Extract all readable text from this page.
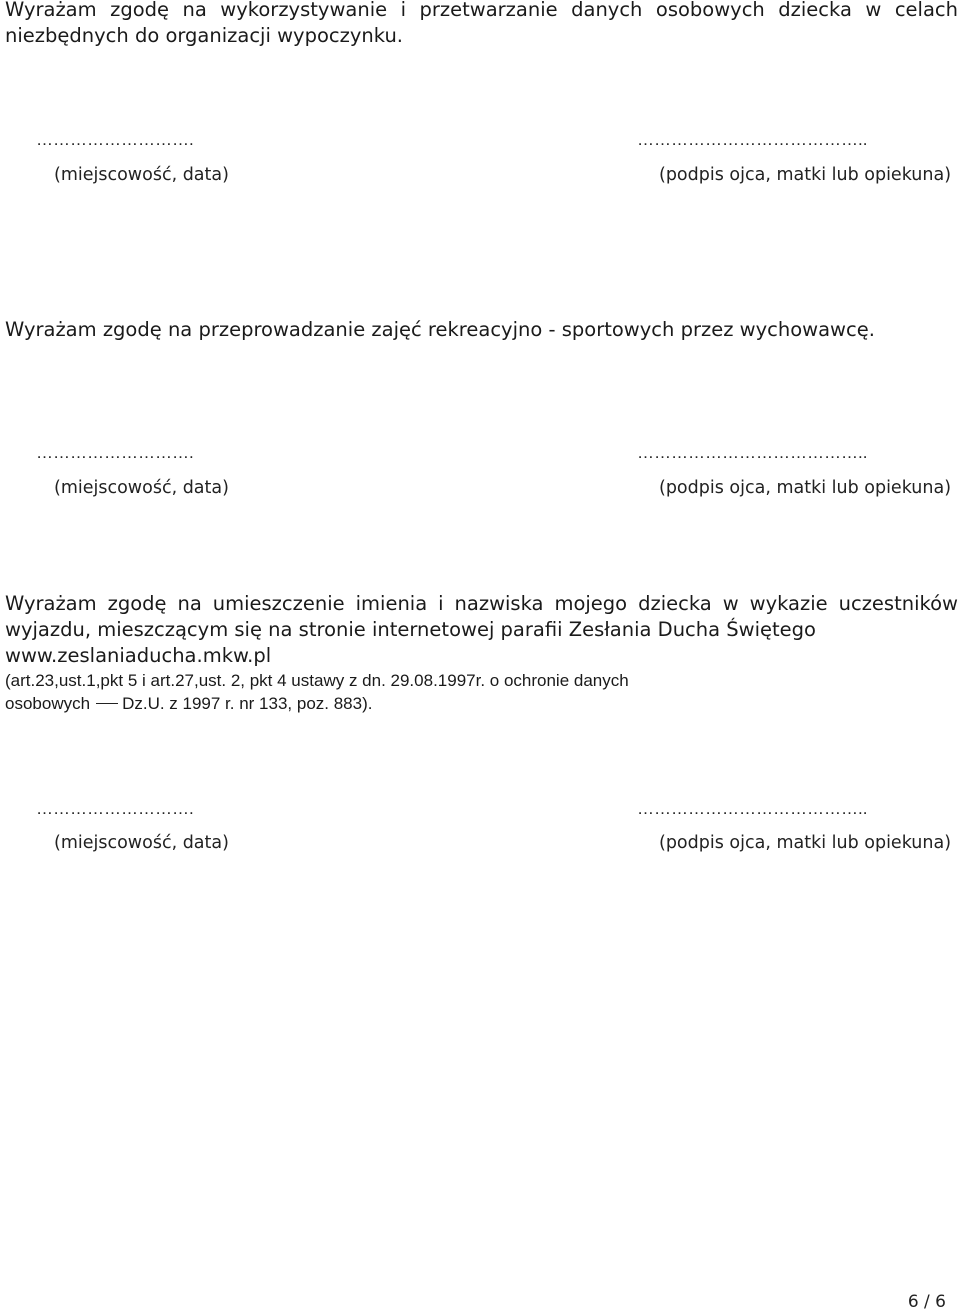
Wyrażam zgodę na wykorzystywanie i przetwarzanie danych osobowych dziecka w celach
niezbędnych do organizacji wypoczynku.
……………………….	…………………………………..
(miejscowość, data)	(podpis ojca, matki lub opiekuna)
Wyrażam zgodę na przeprowadzanie zajęć rekreacyjno - sportowych przez wychowawcę.
……………………….	…………………………………..
(miejscowość, data)	(podpis ojca, matki lub opiekuna)
Wyrażam zgodę na umieszczenie imienia i nazwiska mojego dziecka w wykazie uczestników
wyjazdu, mieszczącym się na stronie internetowej parafii Zesłania Ducha Świętego
www.zeslaniaducha.mkw.pl
(art.23,ust.1,pkt 5 i art.27,ust. 2, pkt 4 ustawy z dn. 29.08.1997r. o ochronie danych
osobowych Dz.U. z 1997 r. nr 133, poz. 883).
……………………….	…………………………………..
(miejscowość, data)	(podpis ojca, matki lub opiekuna)
6 / 6
